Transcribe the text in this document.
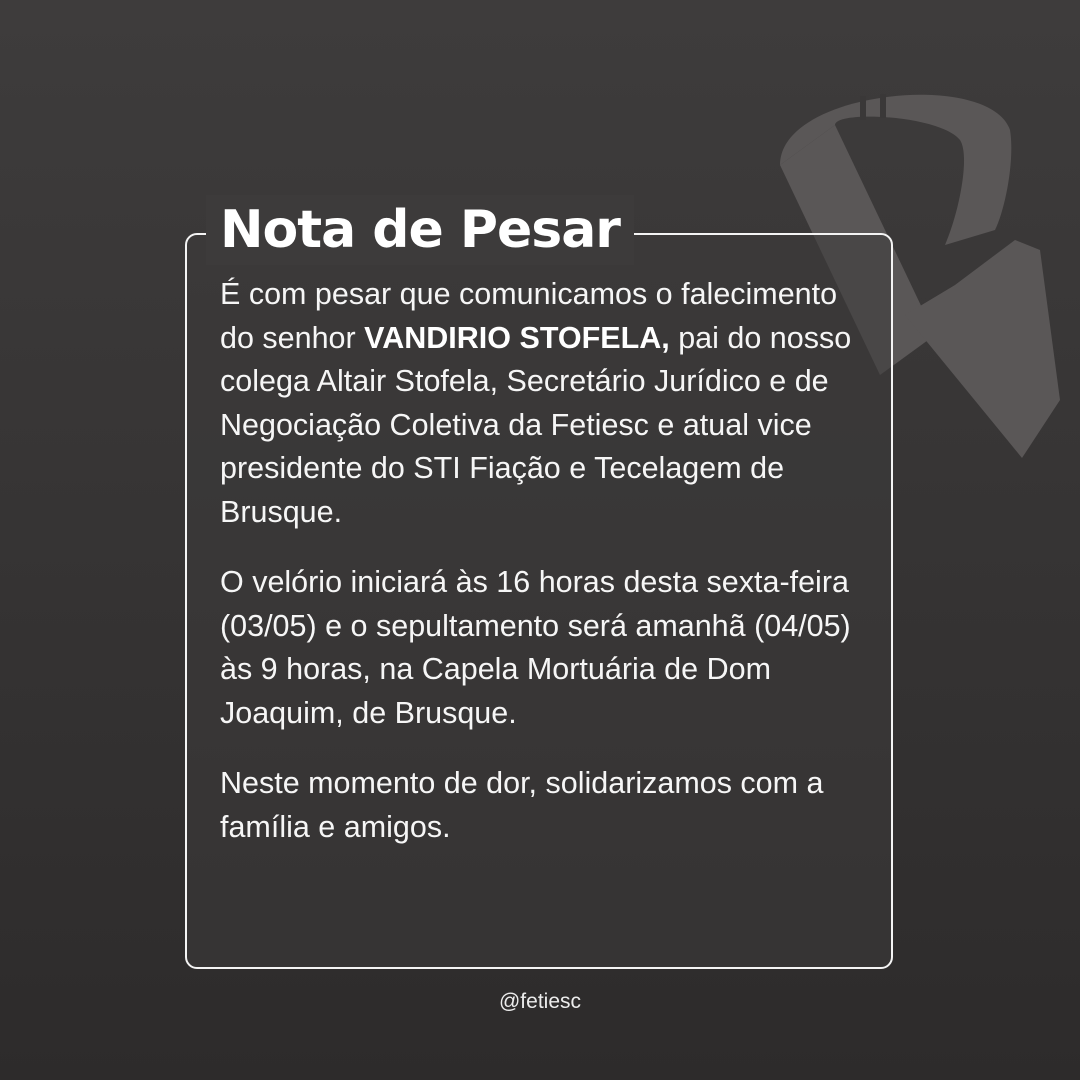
Nota de Pesar

É com pesar que comunicamos o falecimento do senhor VANDIRIO STOFELA, pai do nosso colega Altair Stofela, Secretário Jurídico e de Negociação Coletiva da Fetiesc e atual vice presidente do STI Fiação e Tecelagem de Brusque.

O velório iniciará às 16 horas desta sexta-feira (03/05) e o sepultamento será amanhã (04/05) às 9 horas, na Capela Mortuária de Dom Joaquim, de Brusque.

Neste momento de dor, solidarizamos com a família e amigos.

@fetiesc
